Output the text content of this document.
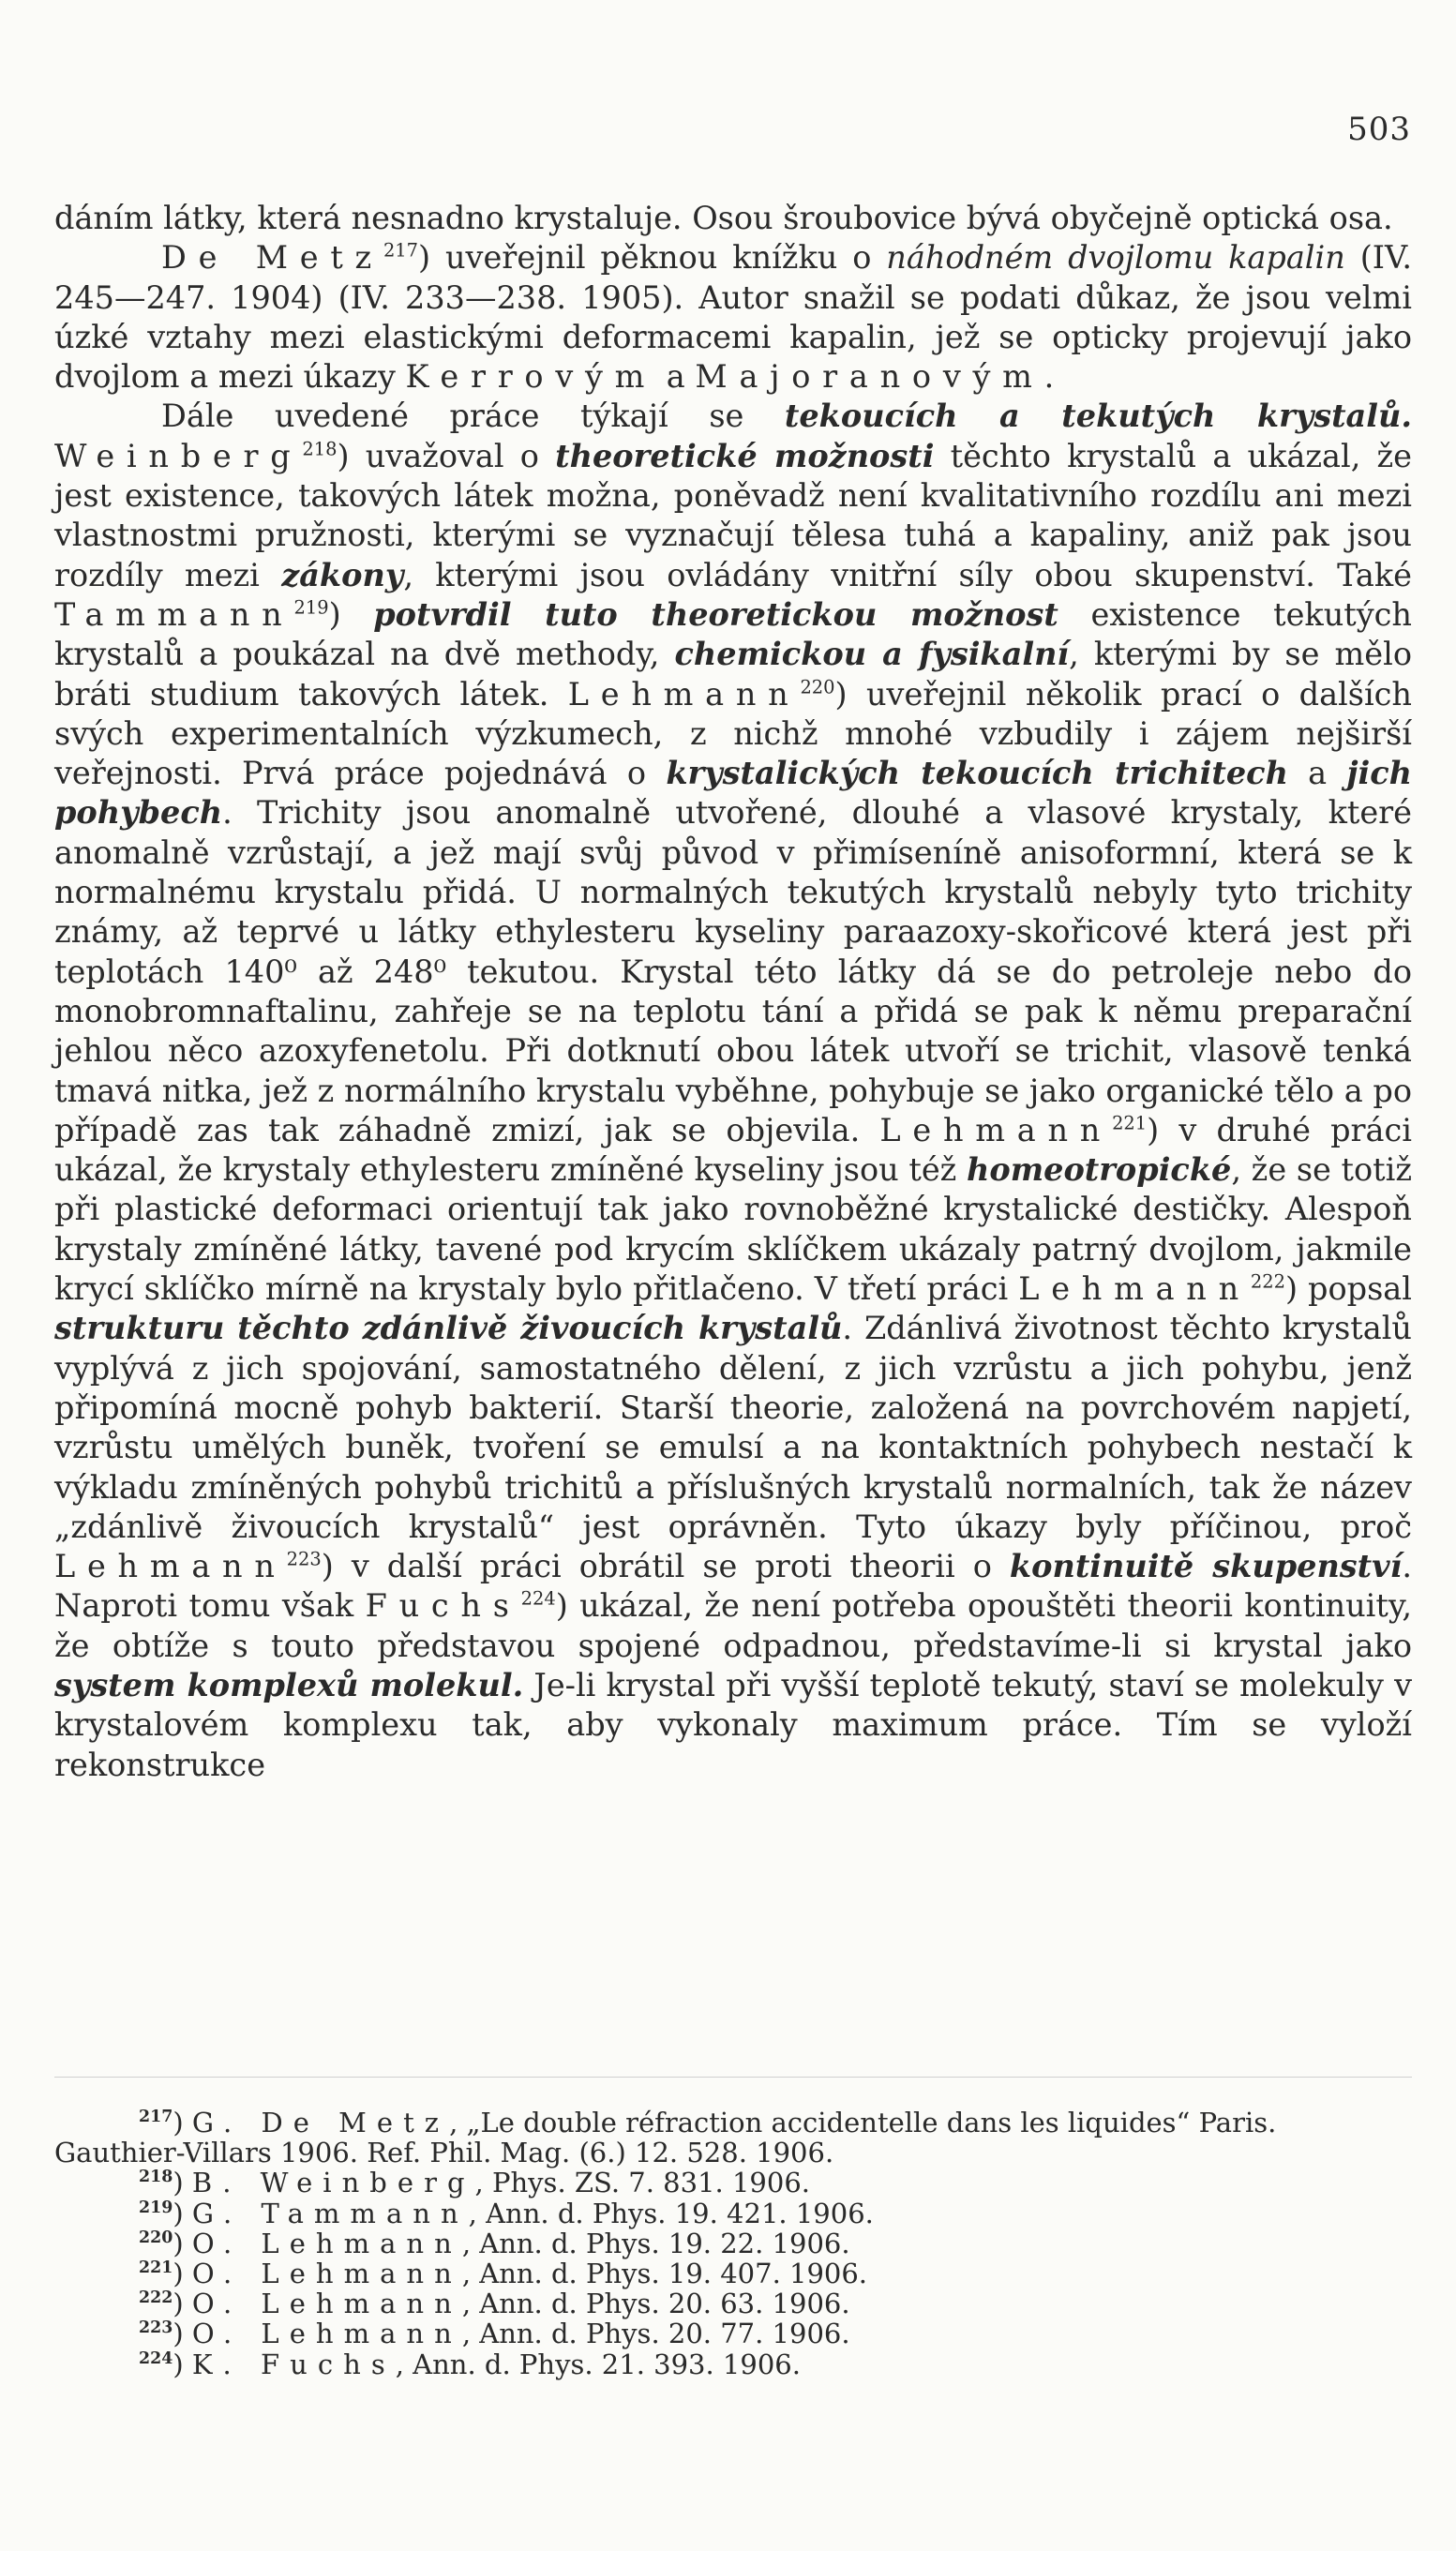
503

dáním látky, která nesnadno krystaluje. Osou šroubovice bývá obyčejně optická osa.

De Metz$^{217}$) uveřejnil pěknou knížku o náhodném dvojlomu kapalin (IV. 245—247. 1904) (IV. 233—238. 1905). Autor snažil se podati důkaz, že jsou velmi úzké vztahy mezi elastickými deformacemi kapalin, jež se opticky projevují jako dvojlom a mezi úkazy Kerrovým a Majoranovým.

Dále uvedené práce týkají se tekoucích a tekutých krystalů. Weinberg$^{218}$) uvažoval o theoretické možnosti těchto krystalů a ukázal, že jest existence, takových látek možna, poněvadž není kvalitativního rozdílu ani mezi vlastnostmi pružnosti, kterými se vyznačují tělesa tuhá a kapaliny, aniž pak jsou rozdíly mezi zákony, kterými jsou ovládány vnitřní síly obou skupenství. Také Tammann$^{219}$) potvrdil tuto theoretickou možnost existence tekutých krystalů a poukázal na dvě methody, chemickou a fysikalní, kterými by se mělo bráti studium takových látek. Lehmann$^{220}$) uveřejnil několik prací o dalších svých experimentalních výzkumech, z nichž mnohé vzbudily i zájem nejširší veřejnosti. Prvá práce pojednává o krystalických tekoucích trichitech a jich pohybech. Trichity jsou anomalně utvořené, dlouhé a vlasové krystaly, které anomalně vzrůstají, a jež mají svůj původ v přimíseníně anisoformní, která se k normalnému krystalu přidá. U normalných tekutých krystalů nebyly tyto trichity známy, až teprvé u látky ethylesteru kyseliny paraazoxy-skořicové která jest při teplotách 140⁰ až 248⁰ tekutou. Krystal této látky dá se do petroleje nebo do monobromnaftalinu, zahřeje se na teplotu tání a přidá se pak k němu preparační jehlou něco azoxyfenetolu. Při dotknutí obou látek utvoří se trichit, vlasově tenká tmavá nitka, jež z normálního krystalu vyběhne, pohybuje se jako organické tělo a po případě zas tak záhadně zmizí, jak se objevila. Lehmann$^{221}$) v druhé práci ukázal, že krystaly ethylesteru zmíněné kyseliny jsou též homeotropické, že se totiž při plastické deformaci orientují tak jako rovnoběžné krystalické destičky. Alespoň krystaly zmíněné látky, tavené pod krycím sklíčkem ukázaly patrný dvojlom, jakmile krycí sklíčko mírně na krystaly bylo přitlačeno. V třetí práci Lehmann$^{222}$) popsal strukturu těchto zdánlivě živoucích krystalů. Zdánlivá životnost těchto krystalů vyplývá z jich spojování, samostatného dělení, z jich vzrůstu a jich pohybu, jenž připomíná mocně pohyb bakterií. Starší theorie, založená na povrchovém napjetí, vzrůstu umělých buněk, tvoření se emulsí a na kontaktních pohybech nestačí k výkladu zmíněných pohybů trichitů a příslušných krystalů normalních, tak že název „zdánlivě živoucích krystalů“ jest oprávněn. Tyto úkazy byly příčinou, proč Lehmann$^{223}$) v další práci obrátil se proti theorii o kontinuitě skupenství. Naproti tomu však Fuchs$^{224}$) ukázal, že není potřeba opouštěti theorii kontinuity, že obtíže s touto představou spojené odpadnou, představíme-li si krystal jako system komplexů molekul. Je-li krystal při vyšší teplotě tekutý, staví se molekuly v krystalovém komplexu tak, aby vykonaly maximum práce. Tím se vyloží rekonstrukce

$^{217}$) G. De Metz, „Le double réfraction accidentelle dans les liquides“ Paris. Gauthier-Villars 1906. Ref. Phil. Mag. (6.) 12. 528. 1906.

$^{218}$) B. Weinberg, Phys. ZS. 7. 831. 1906.

$^{219}$) G. Tammann, Ann. d. Phys. 19. 421. 1906.

$^{220}$) O. Lehmann, Ann. d. Phys. 19. 22. 1906.

$^{221}$) O. Lehmann, Ann. d. Phys. 19. 407. 1906.

$^{222}$) O. Lehmann, Ann. d. Phys. 20. 63. 1906.

$^{223}$) O. Lehmann, Ann. d. Phys. 20. 77. 1906.

$^{224}$) K. Fuchs, Ann. d. Phys. 21. 393. 1906.
